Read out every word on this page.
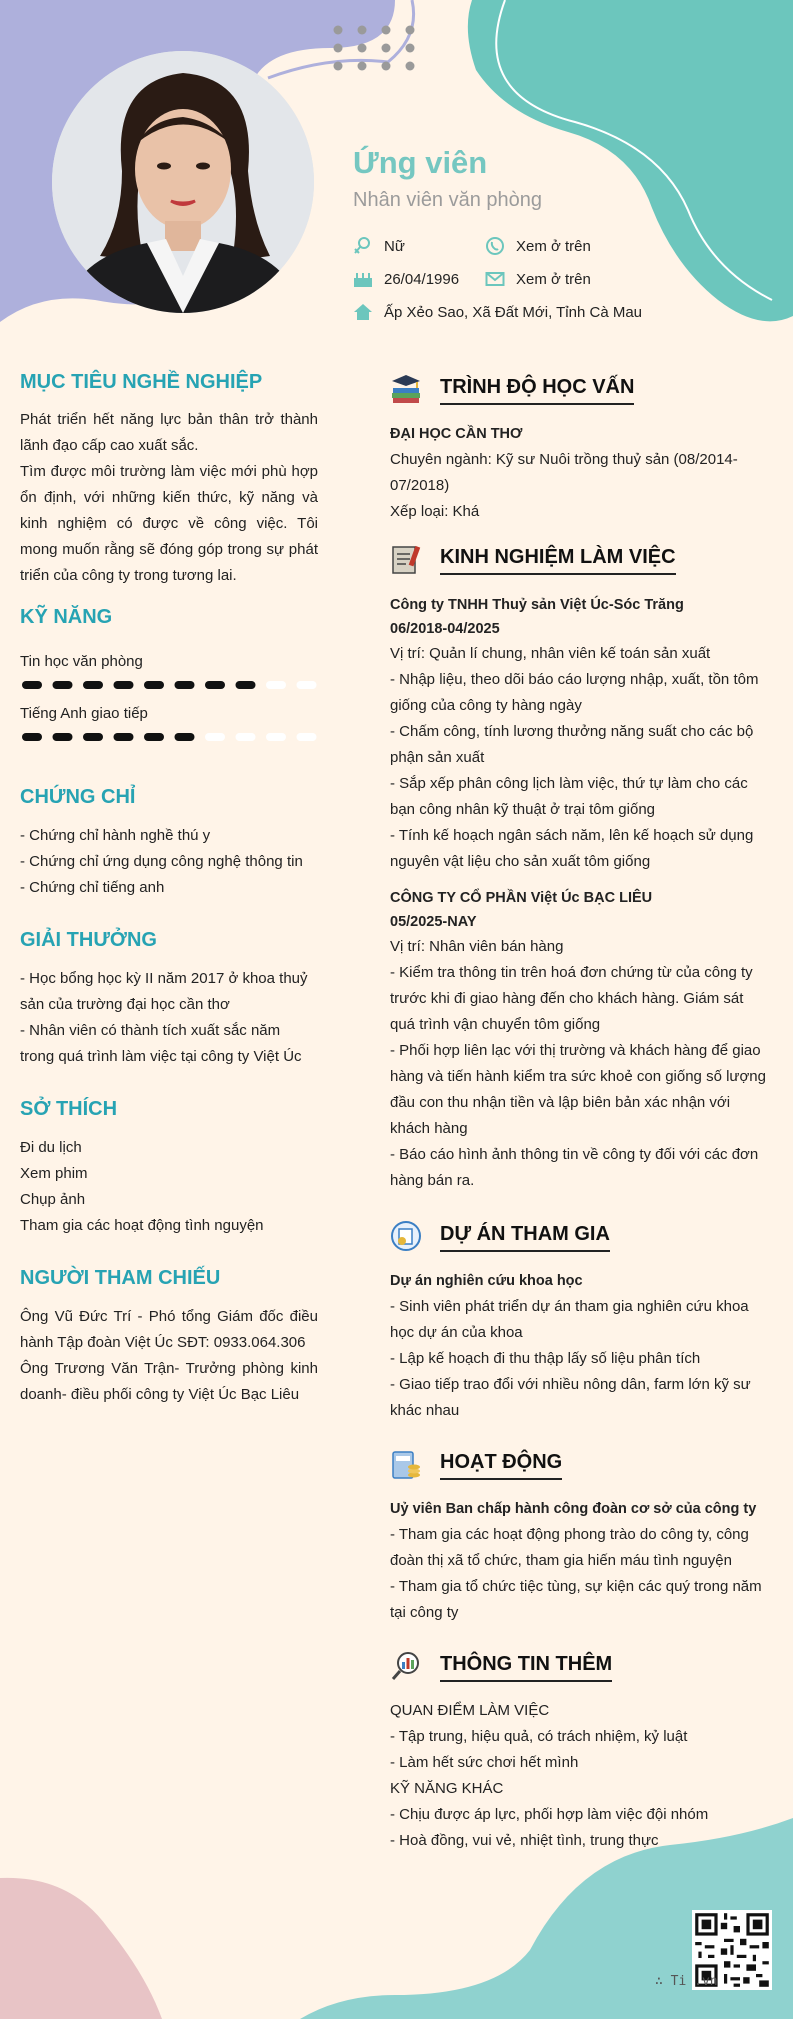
Ứng viên
Nhân viên văn phòng
Nữ	Xem ở trên
26/04/1996	Xem ở trên
Ấp Xẻo Sao, Xã Đất Mới, Tỉnh Cà Mau
MỤC TIÊU NGHỀ NGHIỆP

Phát triển hết năng lực bản thân trở thành lãnh đạo cấp cao xuất sắc.

Tìm được môi trường làm việc mới phù hợp ổn định, với những kiến thức, kỹ năng và kinh nghiệm có được về công việc. Tôi mong muốn rằng sẽ đóng góp trong sự phát triển của công ty trong tương lai.

KỸ NĂNG
Tin học văn phòng
Tiếng Anh giao tiếp
CHỨNG CHỈ

- Chứng chỉ hành nghề thú y

- Chứng chỉ ứng dụng công nghệ thông tin

- Chứng chỉ tiếng anh

GIẢI THƯỞNG

- Học bổng học kỳ II năm 2017 ở khoa thuỷ sản của trường đại học cần thơ

- Nhân viên có thành tích xuất sắc năm trong quá trình làm việc tại công ty Việt Úc

SỞ THÍCH

Đi du lịch

Xem phim

Chụp ảnh

Tham gia các hoạt động tình nguyện

NGƯỜI THAM CHIẾU

Ông Vũ Đức Trí - Phó tổng Giám đốc điều hành Tập đoàn Việt Úc SĐT: 0933.064.306

Ông Trương Văn Trận- Trưởng phòng kinh doanh- điều phối công ty Việt Úc Bạc Liêu

TRÌNH ĐỘ HỌC VẤN

ĐẠI HỌC CẦN THƠ

Chuyên ngành: Kỹ sư Nuôi trồng thuỷ sản (08/2014- 07/2018)

Xếp loại: Khá

KINH NGHIỆM LÀM VIỆC

Công ty TNHH Thuỷ sản Việt Úc-Sóc Trăng

06/2018-04/2025

Vị trí: Quản lí chung, nhân viên kế toán sản xuất

- Nhập liệu, theo dõi báo cáo lượng nhập, xuất, tồn tôm giống của công ty hàng ngày

- Chấm công, tính lương thưởng năng suất cho các bộ phận sản xuất

- Sắp xếp phân công lịch làm việc, thứ tự làm cho các bạn công nhân kỹ thuật ở trại tôm giống

- Tính kế hoạch ngân sách năm, lên kế hoạch sử dụng nguyên vật liệu cho sản xuất tôm giống

CÔNG TY CỔ PHẦN Việt Úc BẠC LIÊU

05/2025-NAY

Vị trí: Nhân viên bán hàng

- Kiểm tra thông tin trên hoá đơn chứng từ của công ty trước khi đi giao hàng đến cho khách hàng. Giám sát quá trình vận chuyển tôm giống

- Phối hợp liên lạc với thị trường và khách hàng để giao hàng và tiến hành kiểm tra sức khoẻ con giống số lượng đầu con thu nhận tiền và lập biên bản xác nhận với khách hàng

- Báo cáo hình ảnh thông tin về công ty đối với các đơn hàng bán ra.

DỰ ÁN THAM GIA

Dự án nghiên cứu khoa học

- Sinh viên phát triển dự án tham gia nghiên cứu khoa học dự án của khoa

- Lập kế hoạch đi thu thập lấy số liệu phân tích

- Giao tiếp trao đổi với nhiều nông dân, farm lớn kỹ sư khác nhau

HOẠT ĐỘNG

Uỷ viên Ban chấp hành công đoàn cơ sở của công ty

- Tham gia các hoạt động phong trào do công ty, công đoàn thị xã tổ chức, tham gia hiến máu tình nguyện

- Tham gia tổ chức tiệc tùng, sự kiện các quý trong năm tại công ty

THÔNG TIN THÊM

QUAN ĐIỂM LÀM VIỆC

- Tập trung, hiệu quả, có trách nhiệm, kỷ luật

- Làm hết sức chơi hết mình

KỸ NĂNG KHÁC

- Chịu được áp lực, phối hợp làm việc đội nhóm

- Hoà đồng, vui vẻ, nhiệt tình, trung thực

∴ Ti .vn
